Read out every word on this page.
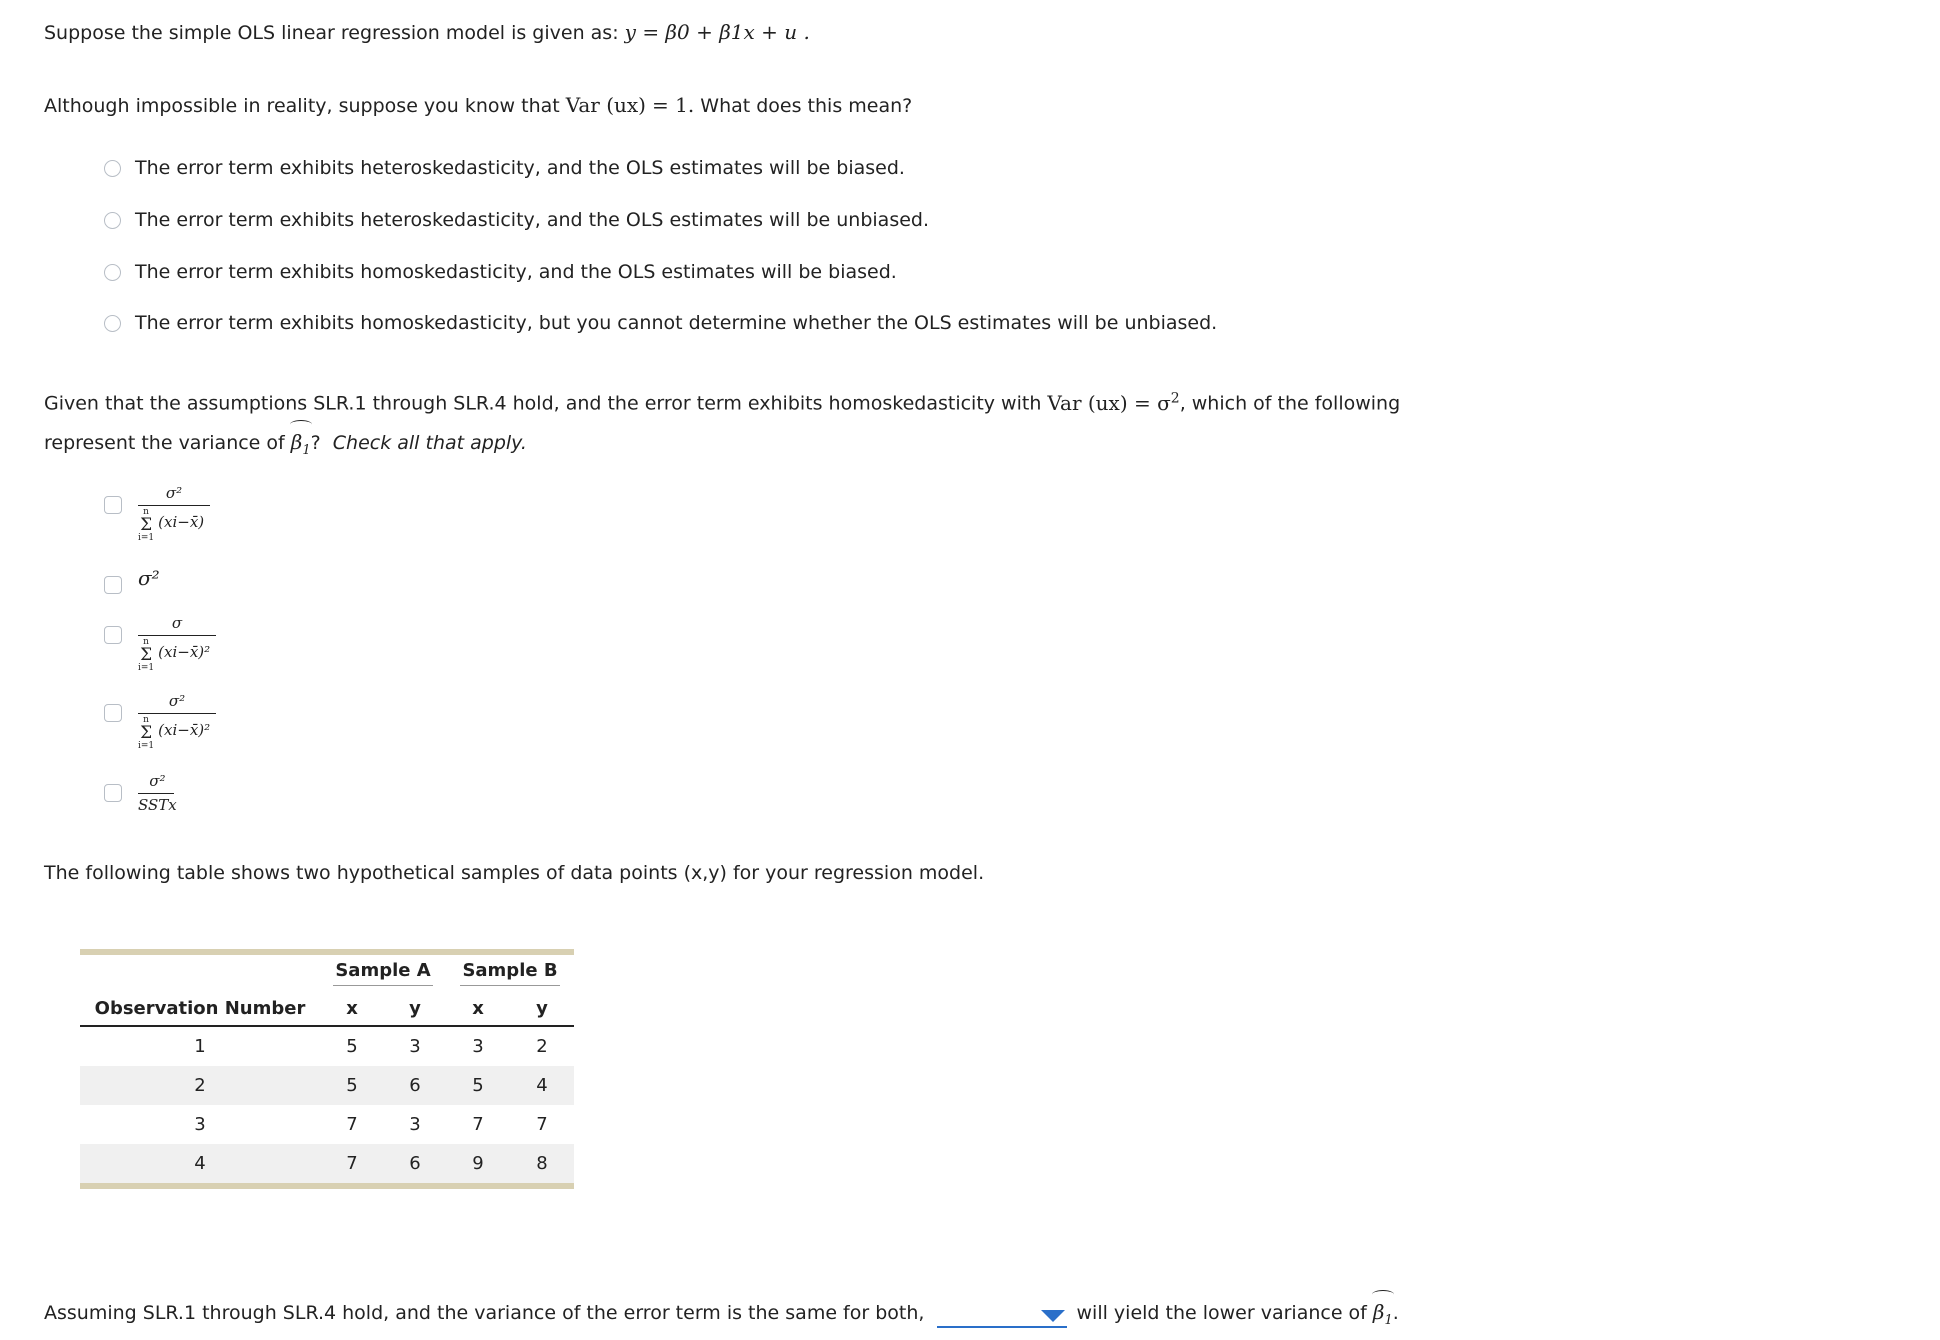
Suppose the simple OLS linear regression model is given as: y = β0 + β1x + u .
Although impossible in reality, suppose you know that Var (ux) = 1. What does this mean?
The error term exhibits heteroskedasticity, and the OLS estimates will be biased.
The error term exhibits heteroskedasticity, and the OLS estimates will be unbiased.
The error term exhibits homoskedasticity, and the OLS estimates will be biased.
The error term exhibits homoskedasticity, but you cannot determine whether the OLS estimates will be unbiased.
Given that the assumptions SLR.1 through SLR.4 hold, and the error term exhibits homoskedasticity with Var $(ux) = \sigma^2$, which of the following
represent the variance of $\beta_1$? Check all that apply.
σ²
n
Σ
i=1
(xi−x̄)
σ²
σ
n
Σ
i=1
(xi−x̄)²
σ²
n
Σ
i=1
(xi−x̄)²
σ²
SSTx
The following table shows two hypothetical samples of data points (x,y) for your regression model.
	Sample A		Sample B	
Observation Number	x	y	x	y
1	5	3	3	2
2	5	6	5	4
3	7	3	7	7
4	7	6	9	8
Assuming SLR.1 through SLR.4 hold, and the variance of the error term is the same for both,	will yield the lower variance of $\beta_1$.
